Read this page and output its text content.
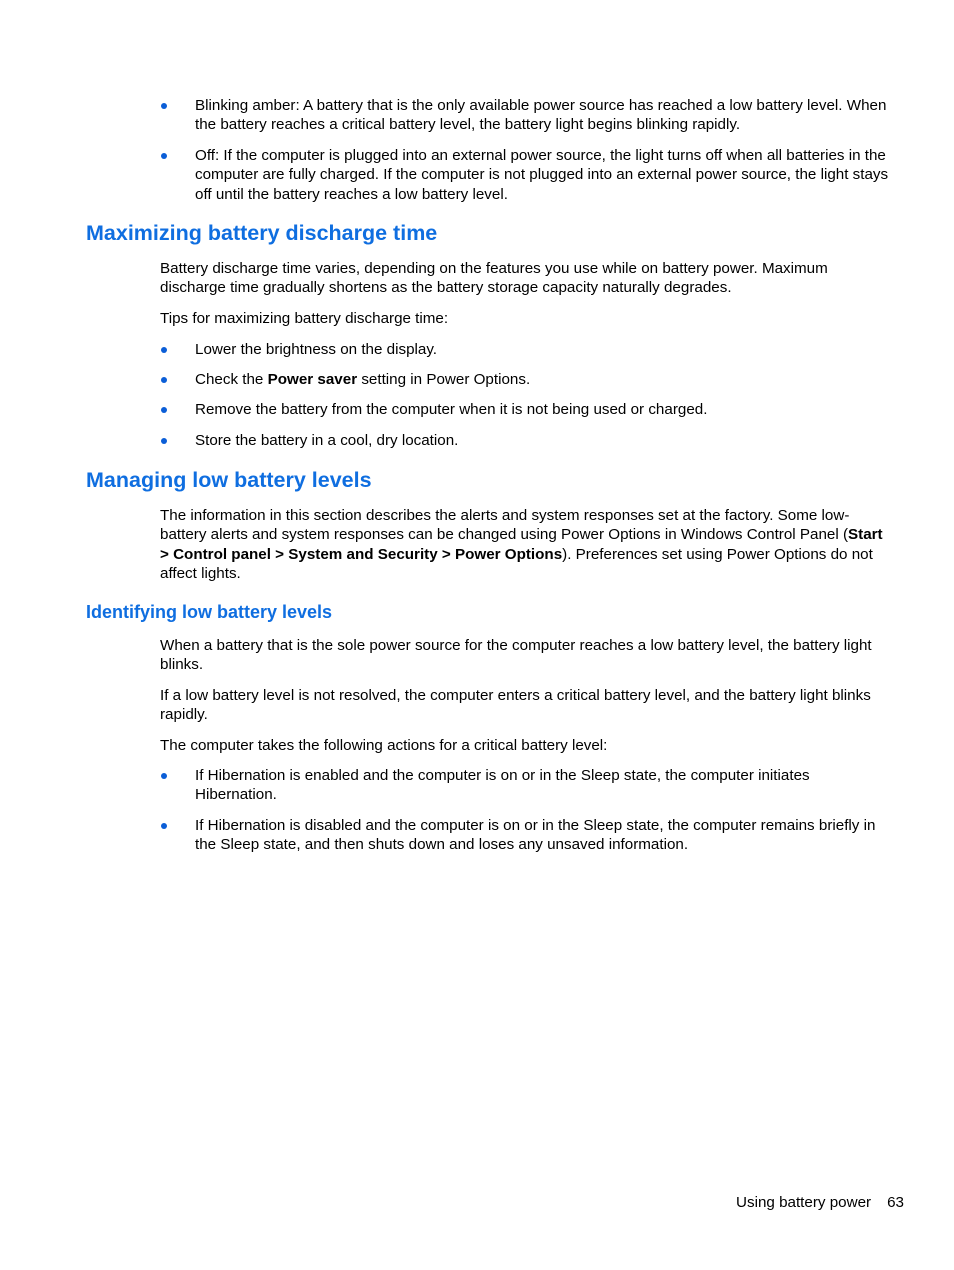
Blinking amber: A battery that is the only available power source has reached a low battery level. When the battery reaches a critical battery level, the battery light begins blinking rapidly.
Off: If the computer is plugged into an external power source, the light turns off when all batteries in the computer are fully charged. If the computer is not plugged into an external power source, the light stays off until the battery reaches a low battery level.
Maximizing battery discharge time

Battery discharge time varies, depending on the features you use while on battery power. Maximum discharge time gradually shortens as the battery storage capacity naturally degrades.

Tips for maximizing battery discharge time:

Lower the brightness on the display.
Check the Power saver setting in Power Options.
Remove the battery from the computer when it is not being used or charged.
Store the battery in a cool, dry location.
Managing low battery levels

The information in this section describes the alerts and system responses set at the factory. Some low-battery alerts and system responses can be changed using Power Options in Windows Control Panel (Start > Control panel > System and Security > Power Options). Preferences set using Power Options do not affect lights.

Identifying low battery levels

When a battery that is the sole power source for the computer reaches a low battery level, the battery light blinks.

If a low battery level is not resolved, the computer enters a critical battery level, and the battery light blinks rapidly.

The computer takes the following actions for a critical battery level:

If Hibernation is enabled and the computer is on or in the Sleep state, the computer initiates Hibernation.
If Hibernation is disabled and the computer is on or in the Sleep state, the computer remains briefly in the Sleep state, and then shuts down and loses any unsaved information.
Using battery power 63
